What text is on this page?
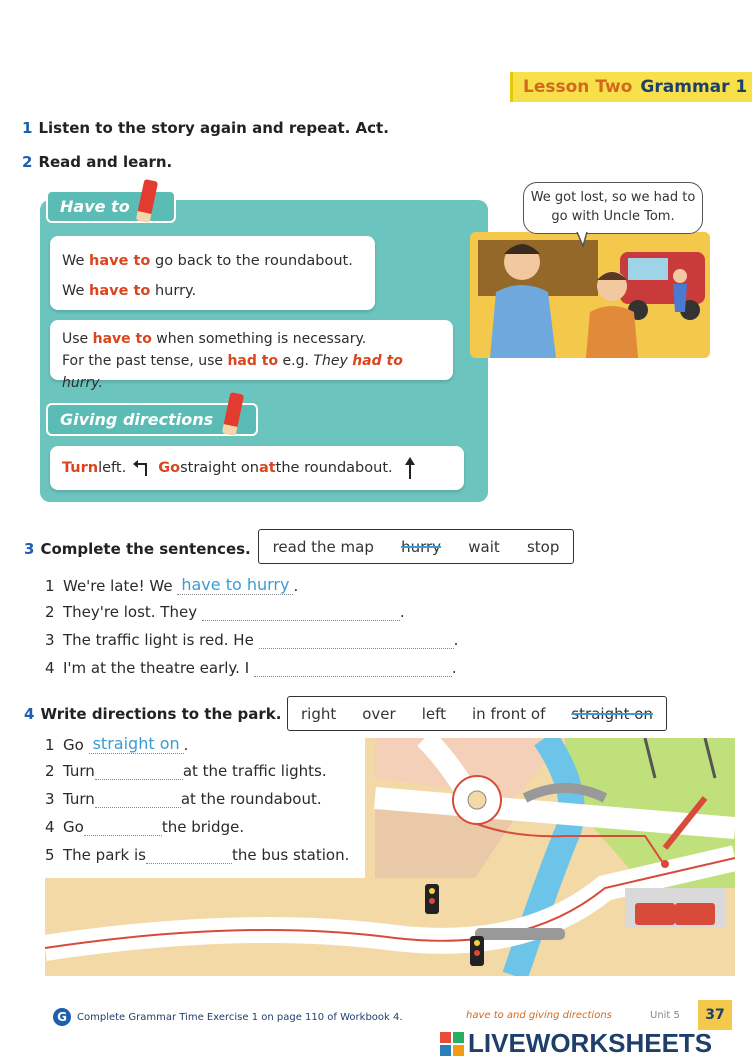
Lesson Two Grammar 1
1 Listen to the story again and repeat. Act.
2 Read and learn.
Have to
We have to go back to the roundabout.
We have to hurry.
Use have to when something is necessary.
For the past tense, use had to e.g. They had to hurry.
Giving directions
Turn left. Go straight on at the roundabout.
We got lost, so we had to go with Uncle Tom.
3 Complete the sentences. read the map hurry wait stop
1 We're late! We
have to hurry .
2 They're lost. They
	.
3 The traffic light is red. He
	.
4 I'm at the theatre early. I
	.
4 Write directions to the park. right over left in front of straight on
1 Go
straight on .
2 Turn	at the traffic lights.
3 Turn	at the roundabout.
4 Go	the bridge.
5 The park is	the bus station.
G	Complete Grammar Time Exercise 1 on page 110 of Workbook 4.	have to and giving directions	Unit 5	37
LIVEWORKSHEETS
